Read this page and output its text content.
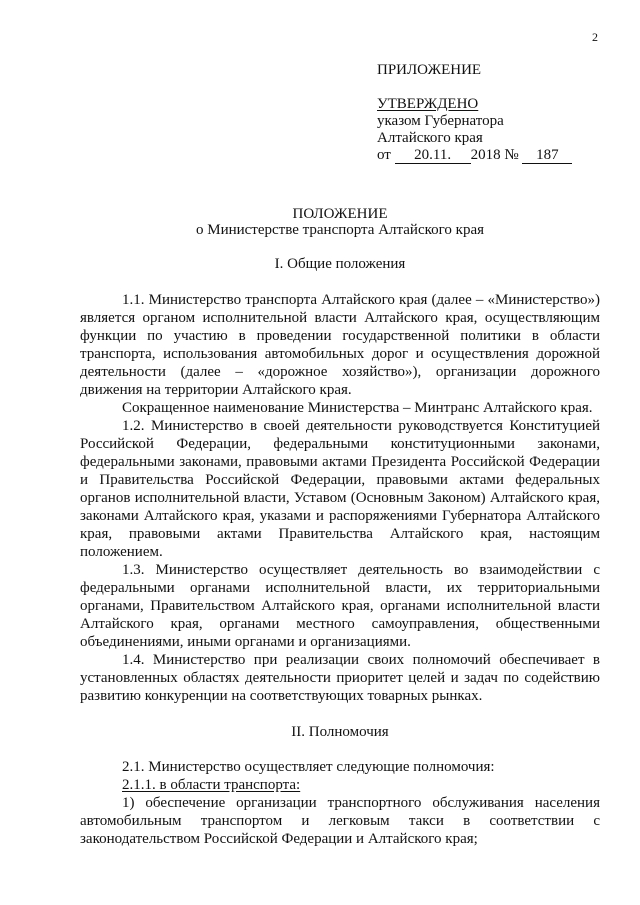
2
ПРИЛОЖЕНИЕ
УТВЕРЖДЕНО
указом Губернатора
Алтайского края
от 20.11. 2018 № 187
ПОЛОЖЕНИЕ
о Министерстве транспорта Алтайского края
I. Общие положения

1.1. Министерство транспорта Алтайского края (далее – «Министерство») является органом исполнительной власти Алтайского края, осуществляющим функции по участию в проведении государственной политики в области транспорта, использования автомобильных дорог и осуществления дорожной деятельности (далее – «дорожное хозяйство»), организации дорожного движения на территории Алтайского края.

Сокращенное наименование Министерства – Минтранс Алтайского края.

1.2. Министерство в своей деятельности руководствуется Конституцией Российской Федерации, федеральными конституционными законами, федеральными законами, правовыми актами Президента Российской Федерации и Правительства Российской Федерации, правовыми актами федеральных органов исполнительной власти, Уставом (Основным Законом) Алтайского края, законами Алтайского края, указами и распоряжениями Губернатора Алтайского края, правовыми актами Правительства Алтайского края, настоящим положением.

1.3. Министерство осуществляет деятельность во взаимодействии с федеральными органами исполнительной власти, их территориальными органами, Правительством Алтайского края, органами исполнительной власти Алтайского края, органами местного самоуправления, общественными объединениями, иными органами и организациями.

1.4. Министерство при реализации своих полномочий обеспечивает в установленных областях деятельности приоритет целей и задач по содействию развитию конкуренции на соответствующих товарных рынках.

II. Полномочия

2.1. Министерство осуществляет следующие полномочия:

2.1.1. в области транспорта:

1) обеспечение организации транспортного обслуживания населения автомобильным транспортом и легковым такси в соответствии с законодательством Российской Федерации и Алтайского края;
